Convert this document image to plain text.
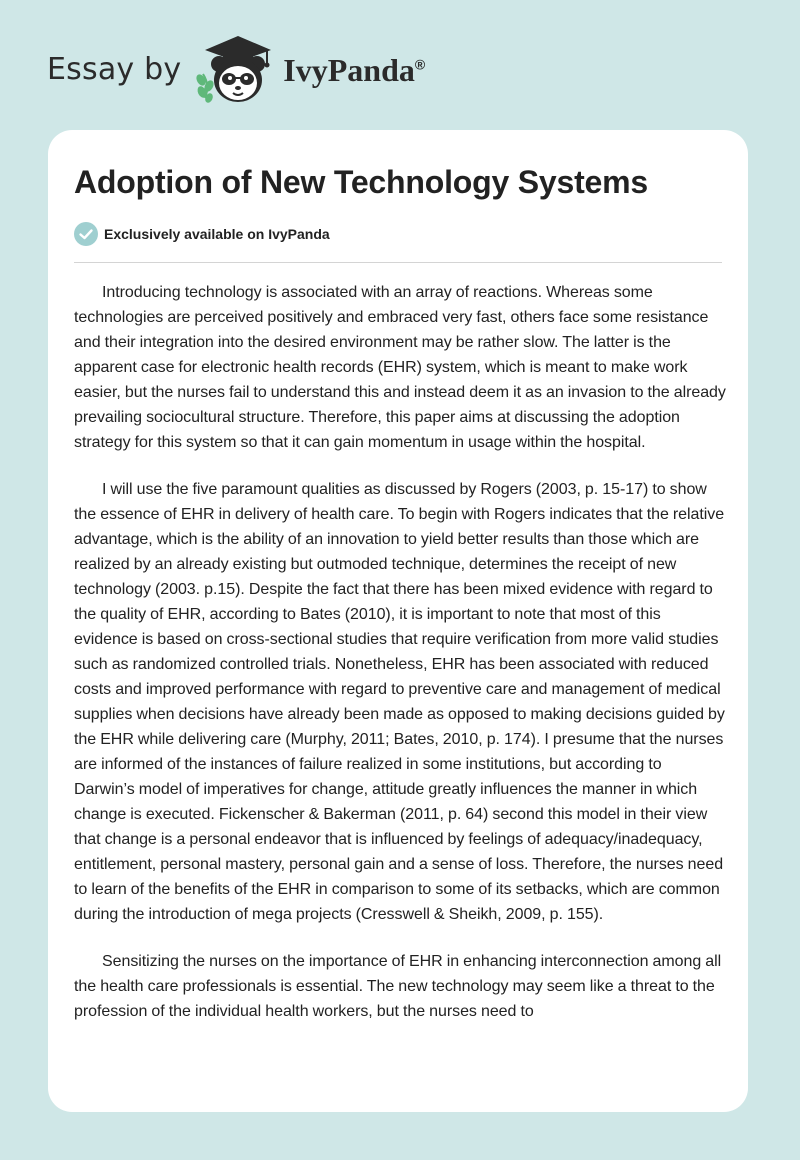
Essay by	IvyPanda®
Adoption of New Technology Systems
Exclusively available on IvyPanda

Introducing technology is associated with an array of reactions. Whereas some technologies are perceived positively and embraced very fast, others face some resistance and their integration into the desired environment may be rather slow. The latter is the apparent case for electronic health records (EHR) system, which is meant to make work easier, but the nurses fail to understand this and instead deem it as an invasion to the already prevailing sociocultural structure. Therefore, this paper aims at discussing the adoption strategy for this system so that it can gain momentum in usage within the hospital.

I will use the five paramount qualities as discussed by Rogers (2003, p. 15-17) to show the essence of EHR in delivery of health care. To begin with Rogers indicates that the relative advantage, which is the ability of an innovation to yield better results than those which are realized by an already existing but outmoded technique, determines the receipt of new technology (2003. p.15). Despite the fact that there has been mixed evidence with regard to the quality of EHR, according to Bates (2010), it is important to note that most of this evidence is based on cross-sectional studies that require verification from more valid studies such as randomized controlled trials. Nonetheless, EHR has been associated with reduced costs and improved performance with regard to preventive care and management of medical supplies when decisions have already been made as opposed to making decisions guided by the EHR while delivering care (Murphy, 2011; Bates, 2010, p. 174). I presume that the nurses are informed of the instances of failure realized in some institutions, but according to Darwin’s model of imperatives for change, attitude greatly influences the manner in which change is executed. Fickenscher & Bakerman (2011, p. 64) second this model in their view that change is a personal endeavor that is influenced by feelings of adequacy/inadequacy, entitlement, personal mastery, personal gain and a sense of loss. Therefore, the nurses need to learn of the benefits of the EHR in comparison to some of its setbacks, which are common during the introduction of mega projects (Cresswell & Sheikh, 2009, p. 155).

Sensitizing the nurses on the importance of EHR in enhancing interconnection among all the health care professionals is essential. The new technology may seem like a threat to the profession of the individual health workers, but the nurses need to
